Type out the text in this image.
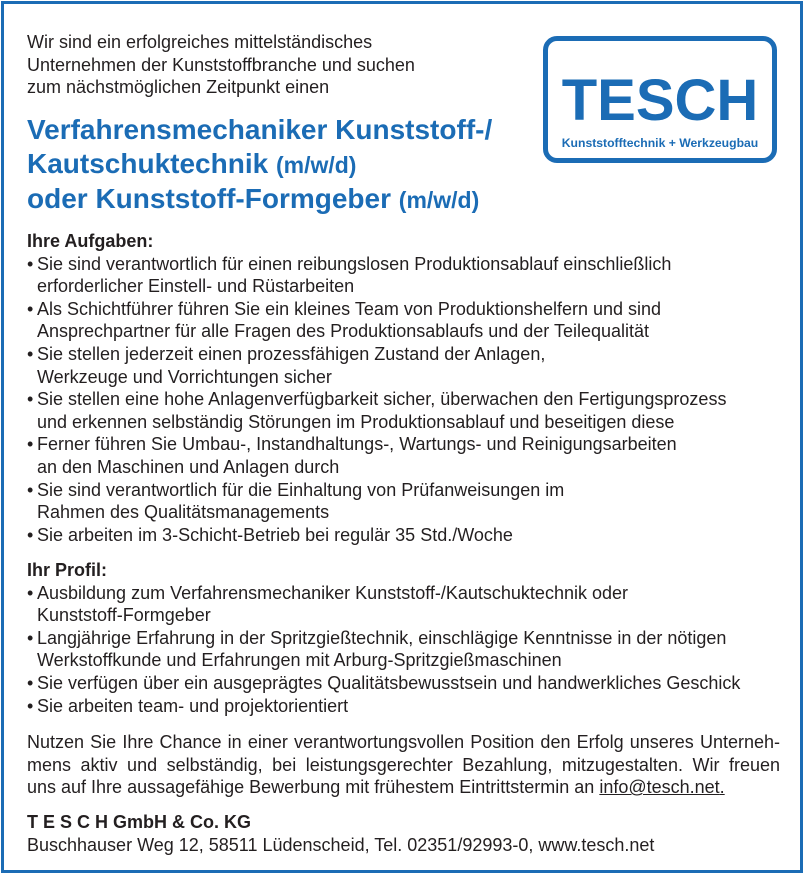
Wir sind ein erfolgreiches mittelständisches
Unternehmen der Kunststoffbranche und suchen
zum nächstmöglichen Zeitpunkt einen	TESCH
Kunststofftechnik + Werkzeugbau
Verfahrensmechaniker Kunststoff-/
Kautschuktechnik (m/w/d)
oder Kunststoff-Formgeber (m/w/d)
Ihre Aufgaben:
• Sie sind verantwortlich für einen reibungslosen Produktionsablauf einschließlich
erforderlicher Einstell- und Rüstarbeiten
• Als Schichtführer führen Sie ein kleines Team von Produktionshelfern und sind
Ansprechpartner für alle Fragen des Produktionsablaufs und der Teilequalität
• Sie stellen jederzeit einen prozessfähigen Zustand der Anlagen,
Werkzeuge und Vorrichtungen sicher
• Sie stellen eine hohe Anlagenverfügbarkeit sicher, überwachen den Fertigungsprozess
und erkennen selbständig Störungen im Produktionsablauf und beseitigen diese
• Ferner führen Sie Umbau-, Instandhaltungs-, Wartungs- und Reinigungsarbeiten
an den Maschinen und Anlagen durch
• Sie sind verantwortlich für die Einhaltung von Prüfanweisungen im
Rahmen des Qualitätsmanagements
• Sie arbeiten im 3-Schicht-Betrieb bei regulär 35 Std./Woche
Ihr Profil:
• Ausbildung zum Verfahrensmechaniker Kunststoff-/Kautschuktechnik oder
Kunststoff-Formgeber
• Langjährige Erfahrung in der Spritzgießtechnik, einschlägige Kenntnisse in der nötigen
Werkstoffkunde und Erfahrungen mit Arburg-Spritzgießmaschinen
• Sie verfügen über ein ausgeprägtes Qualitätsbewusstsein und handwerkliches Geschick
• Sie arbeiten team- und projektorientiert
Nutzen Sie Ihre Chance in einer verantwortungsvollen Position den Erfolg unseres Unterneh-
mens aktiv und selbständig, bei leistungsgerechter Bezahlung, mitzugestalten. Wir freuen
uns auf Ihre aussagefähige Bewerbung mit frühestem Eintrittstermin an info@tesch.net.
T E S C H GmbH & Co. KG
Buschhauser Weg 12, 58511 Lüdenscheid, Tel. 02351/92993-0, www.tesch.net
